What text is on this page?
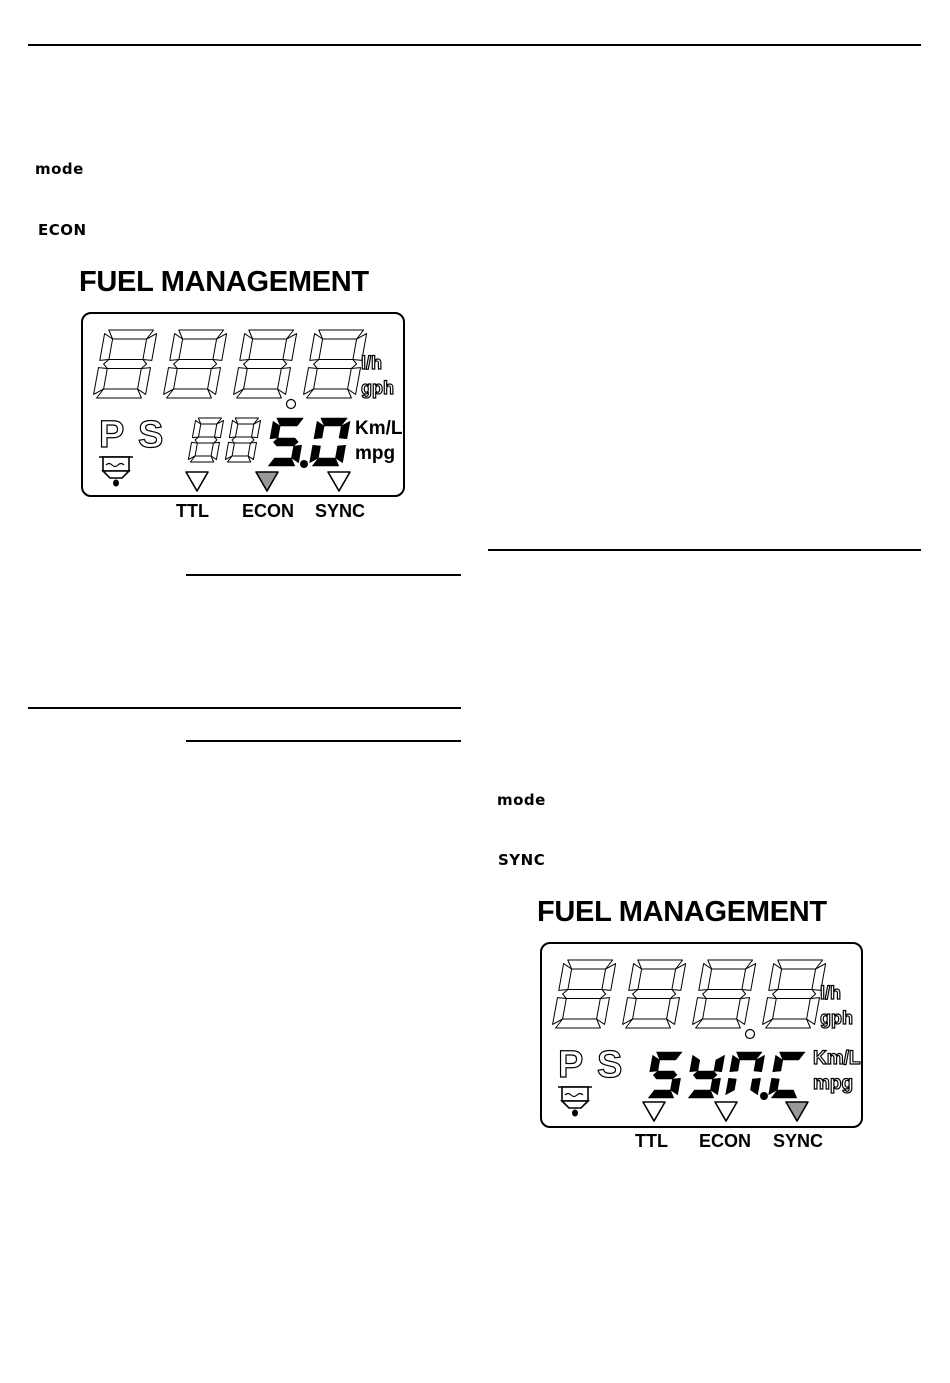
mode
ECON
mode
SYNC
FUEL MANAGEMENT
l/h
gph
P S	Km/L
mpg
TTL ECON SYNC
FUEL MANAGEMENT
l/h
gph
P S	Km/L
mpg
TTL ECON SYNC
